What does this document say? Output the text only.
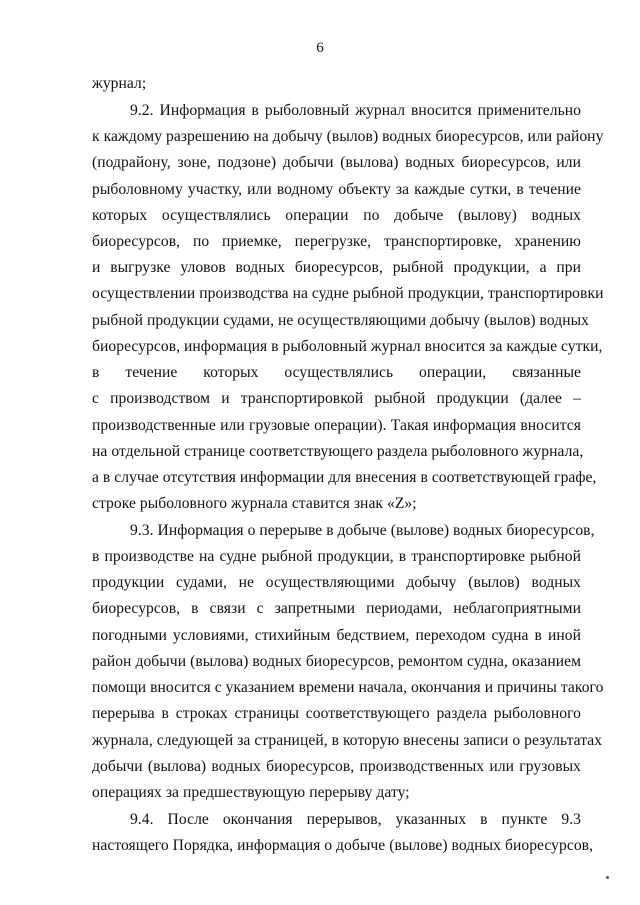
6
журнал;
9.2. Информация в рыболовный журнал вносится применительно
к каждому разрешению на добычу (вылов) водных биоресурсов, или району
(подрайону, зоне, подзоне) добычи (вылова) водных биоресурсов, или
рыболовному участку, или водному объекту за каждые сутки, в течение
которых осуществлялись операции по добыче (вылову) водных
биоресурсов, по приемке, перегрузке, транспортировке, хранению
и выгрузке уловов водных биоресурсов, рыбной продукции, а при
осуществлении производства на судне рыбной продукции, транспортировки
рыбной продукции судами, не осуществляющими добычу (вылов) водных
биоресурсов, информация в рыболовный журнал вносится за каждые сутки,
в течение которых осуществлялись операции, связанные
с производством и транспортировкой рыбной продукции (далее –
производственные или грузовые операции). Такая информация вносится
на отдельной странице соответствующего раздела рыболовного журнала,
а в случае отсутствия информации для внесения в соответствующей графе,
строке рыболовного журнала ставится знак «Z»;
9.3. Информация о перерыве в добыче (вылове) водных биоресурсов,
в производстве на судне рыбной продукции, в транспортировке рыбной
продукции судами, не осуществляющими добычу (вылов) водных
биоресурсов, в связи с запретными периодами, неблагоприятными
погодными условиями, стихийным бедствием, переходом судна в иной
район добычи (вылова) водных биоресурсов, ремонтом судна, оказанием
помощи вносится с указанием времени начала, окончания и причины такого
перерыва в строках страницы соответствующего раздела рыболовного
журнала, следующей за страницей, в которую внесены записи о результатах
добычи (вылова) водных биоресурсов, производственных или грузовых
операциях за предшествующую перерыву дату;
9.4. После окончания перерывов, указанных в пункте 9.3
настоящего Порядка, информация о добыче (вылове) водных биоресурсов,
